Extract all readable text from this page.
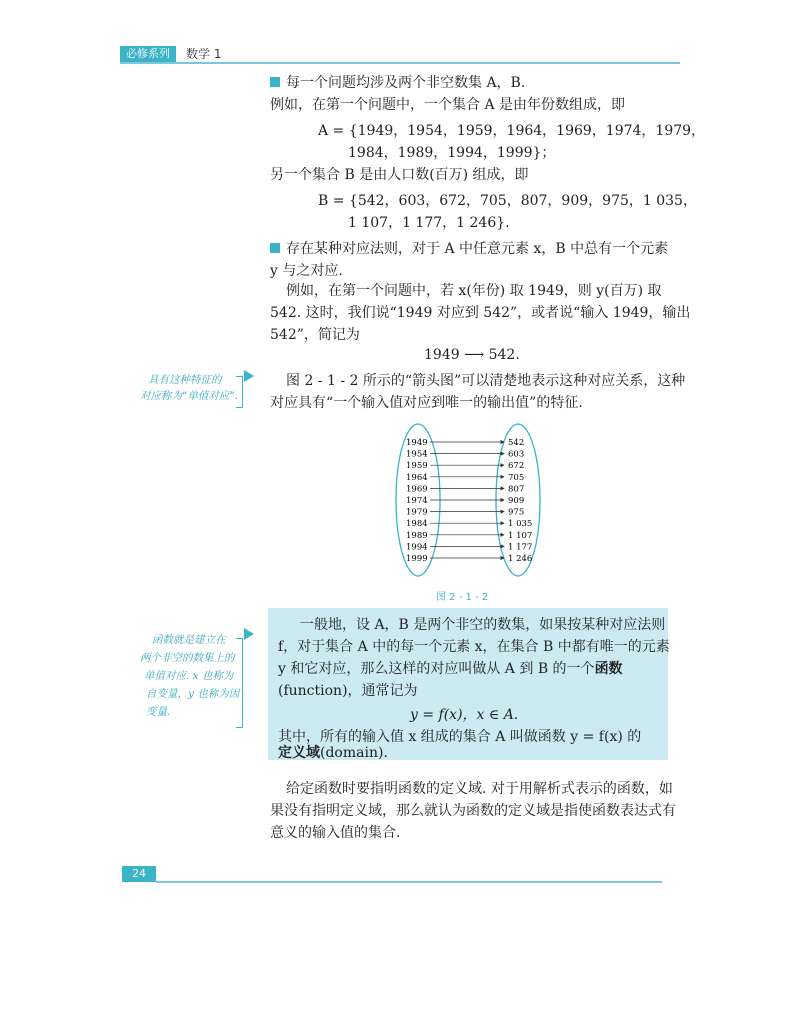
必修系列	数学 1
每一个问题均涉及两个非空数集 A，B.
例如，在第一个问题中，一个集合 A 是由年份数组成，即
A = {1949，1954，1959，1964，1969，1974，1979，
1984，1989，1994，1999}；
另一个集合 B 是由人口数(百万) 组成，即
B = {542，603，672，705，807，909，975，1 035，
1 107，1 177，1 246}.
存在某种对应法则，对于 A 中任意元素 x，B 中总有一个元素
y 与之对应.
例如，在第一个问题中，若 x(年份) 取 1949，则 y(百万) 取
542. 这时，我们说“1949 对应到 542”，或者说“输入 1949，输出
542”，简记为
1949 ⟶ 542.
具有这种特征的
对应称为“单值对应”.
图 2 - 1 - 2 所示的“箭头图”可以清楚地表示这种对应关系，这种
对应具有“一个输入值对应到唯一的输出值”的特征.
1949	542
1954	603
1959	672
1964	705
1969	807
1974	909
1979	975
1984	1 035
1989	1 107
1994	1 177
1999	1 246
图 2 - 1 - 2
一般地，设 A，B 是两个非空的数集，如果按某种对应法则
f，对于集合 A 中的每一个元素 x，在集合 B 中都有唯一的元素
y 和它对应，那么这样的对应叫做从 A 到 B 的一个函数
(function)，通常记为
y = f(x)，x ∈ A.
其中，所有的输入值 x 组成的集合 A 叫做函数 y = f(x) 的
定义域(domain).
函数就是建立在
两个非空的数集上的
单值对应. x 也称为
自变量，y 也称为因
变量.
给定函数时要指明函数的定义域. 对于用解析式表示的函数，如
果没有指明定义域，那么就认为函数的定义域是指使函数表达式有
意义的输入值的集合.
24
